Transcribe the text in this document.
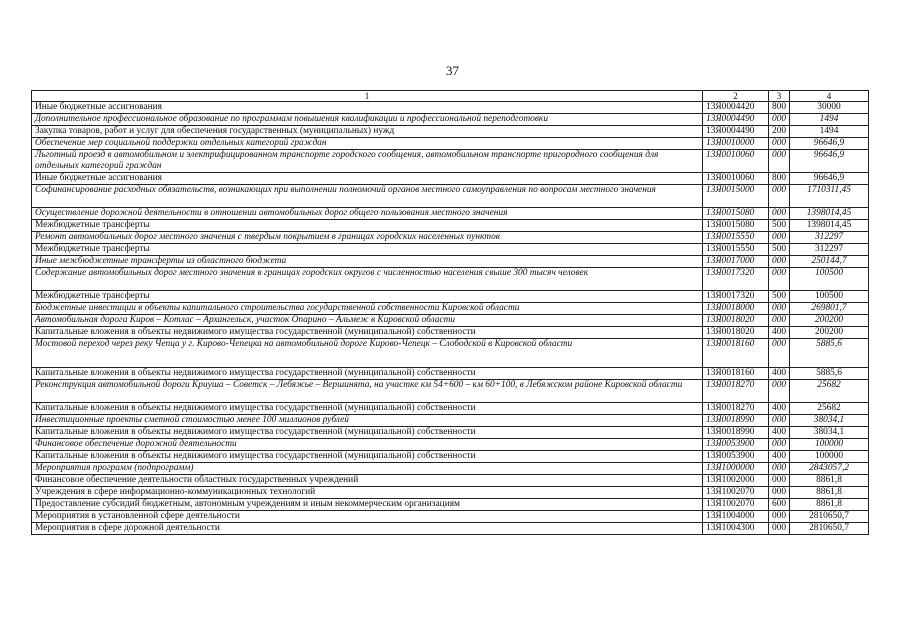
37
1	2	3	4
Иные бюджетные ассигнования	13Я0004420	800	30000
Дополнительное профессиональное образование по программам повышения квалификации и профессиональной переподготовки	13Я0004490	000	1494
Закупка товаров, работ и услуг для обеспечения государственных (муниципальных) нужд	13Я0004490	200	1494
Обеспечение мер социальной поддержки отдельных категорий граждан	13Я0010000	000	96646,9
Льготный проезд в автомобильном и электрифицированном транспорте городского сообщения, автомобильном транспорте пригородного сообщения для отдельных категорий граждан	13Я0010060	000	96646,9
Иные бюджетные ассигнования	13Я0010060	800	96646,9
Софинансирование расходных обязательств, возникающих при выполнении полномочий органов местного самоуправления по вопросам местного значения	13Я0015000	000	1710311,45
Осуществление дорожной деятельности в отношении автомобильных дорог общего пользования местного значения	13Я0015080	000	1398014,45
Межбюджетные трансферты	13Я0015080	500	1398014,45
Ремонт автомобильных дорог местного значения с твердым покрытием в границах городских населенных пунктов	13Я0015550	000	312297
Межбюджетные трансферты	13Я0015550	500	312297
Иные межбюджетные трансферты из областного бюджета	13Я0017000	000	250144,7
Содержание автомобильных дорог местного значения в границах городских округов с численностью населения свыше 300 тысяч человек	13Я0017320	000	100500
Межбюджетные трансферты	13Я0017320	500	100500
Бюджетные инвестиции в объекты капитального строительства государственной собственности Кировской области	13Я0018000	000	269801,7
Автомобильная дорога Киров – Котлас – Архангельск, участок Опарино – Альмеж в Кировской области	13Я0018020	000	200200
Капитальные вложения в объекты недвижимого имущества государственной (муниципальной) собственности	13Я0018020	400	200200
Мостовой переход через реку Чепца у г. Кирово-Чепецка на автомобильной дороге Кирово-Чепецк – Слободской в Кировской области	13Я0018160	000	5885,6
Капитальные вложения в объекты недвижимого имущества государственной (муниципальной) собственности	13Я0018160	400	5885,6
Реконструкция автомобильной дороги Криуша – Советск – Лебяжье – Вершинята, на участке км 54+600 – км 60+100, в Лебяжском районе Кировской области	13Я0018270	000	25682
Капитальные вложения в объекты недвижимого имущества государственной (муниципальной) собственности	13Я0018270	400	25682
Инвестиционные проекты сметной стоимостью менее 100 миллионов рублей	13Я0018990	000	38034,1
Капитальные вложения в объекты недвижимого имущества государственной (муниципальной) собственности	13Я0018990	400	38034,1
Финансовое обеспечение дорожной деятельности	13Я0053900	000	100000
Капитальные вложения в объекты недвижимого имущества государственной (муниципальной) собственности	13Я0053900	400	100000
Мероприятия программ (подпрограмм)	13Я1000000	000	2843057,2
Финансовое обеспечение деятельности областных государственных учреждений	13Я1002000	000	8861,8
Учреждения в сфере информационно-коммуникационных технологий	13Я1002070	000	8861,8
Предоставление субсидий бюджетным, автономным учреждениям и иным некоммерческим организациям	13Я1002070	600	8861,8
Мероприятия в установленной сфере деятельности	13Я1004000	000	2810650,7
Мероприятия в сфере дорожной деятельности	13Я1004300	000	2810650,7
